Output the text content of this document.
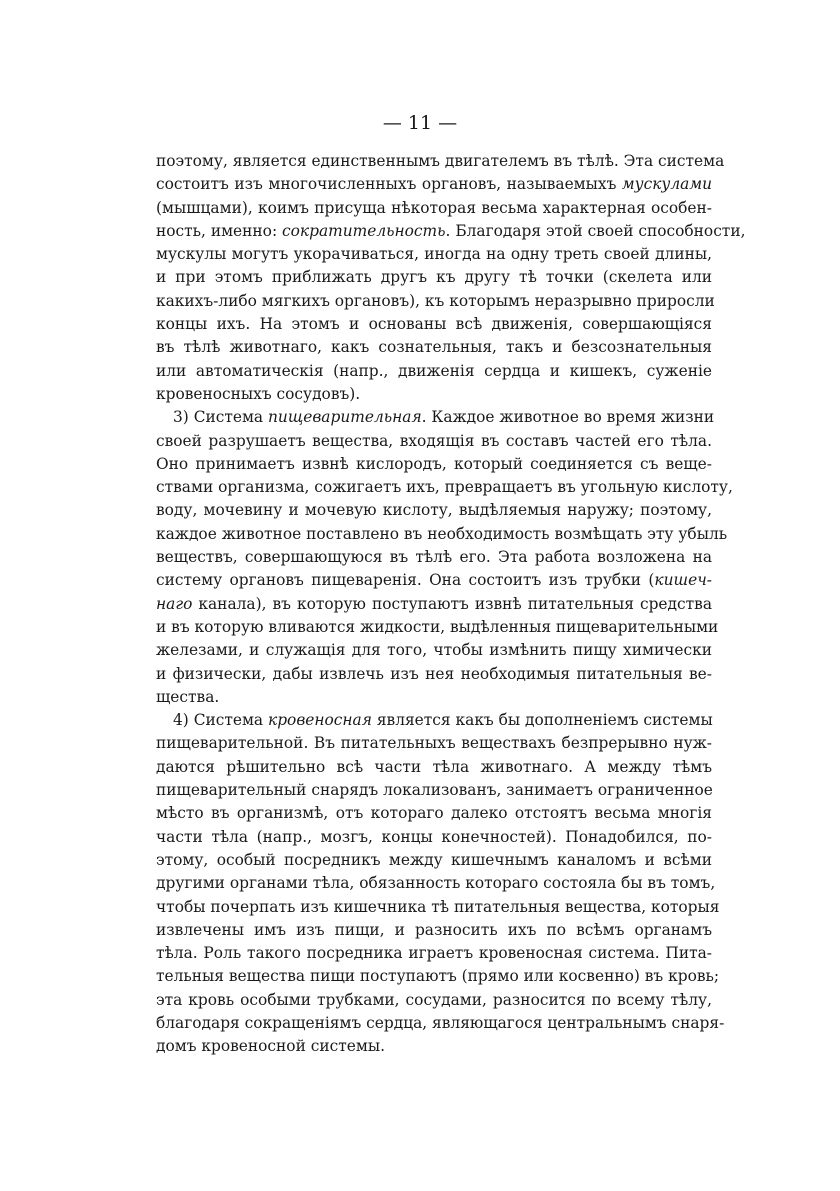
— 11 —
поэтому, является единственнымъ двигателемъ въ тѣлѣ. Эта система
состоитъ изъ многочисленныхъ органовъ, называемыхъ мускулами
(мышцами), коимъ присуща нѣкоторая весьма характерная особен-
ность, именно: сократительность. Благодаря этой своей способности,
мускулы могутъ укорачиваться, иногда на одну треть своей длины,
и при этомъ приближать другъ къ другу тѣ точки (скелета или
какихъ-либо мягкихъ органовъ), къ которымъ неразрывно приросли
концы ихъ. На этомъ и основаны всѣ движенія, совершающіяся
въ тѣлѣ животнаго, какъ сознательныя, такъ и безсознательныя
или автоматическія (напр., движенія сердца и кишекъ, суженіе
кровеносныхъ сосудовъ).
3) Система пищеварительная. Каждое животное во время жизни
своей разрушаетъ вещества, входящія въ составъ частей его тѣла.
Оно принимаетъ извнѣ кислородъ, который соединяется съ веще-
ствами организма, сожигаетъ ихъ, превращаетъ въ угольную кислоту,
воду, мочевину и мочевую кислоту, выдѣляемыя наружу; поэтому,
каждое животное поставлено въ необходимость возмѣщать эту убыль
веществъ, совершающуюся въ тѣлѣ его. Эта работа возложена на
систему органовъ пищеваренія. Она состоитъ изъ трубки (кишеч-
наго канала), въ которую поступаютъ извнѣ питательныя средства
и въ которую вливаются жидкости, выдѣленныя пищеварительными
железами, и служащія для того, чтобы измѣнить пищу химически
и физически, дабы извлечь изъ нея необходимыя питательныя ве-
щества.
4) Система кровеносная является какъ бы дополненіемъ системы
пищеварительной. Въ питательныхъ веществахъ безпрерывно нуж-
даются рѣшительно всѣ части тѣла животнаго. А между тѣмъ
пищеварительный снарядъ локализованъ, занимаетъ ограниченное
мѣсто въ организмѣ, отъ котораго далеко отстоятъ весьма многія
части тѣла (напр., мозгъ, концы конечностей). Понадобился, по-
этому, особый посредникъ между кишечнымъ каналомъ и всѣми
другими органами тѣла, обязанность котораго состояла бы въ томъ,
чтобы почерпать изъ кишечника тѣ питательныя вещества, которыя
извлечены имъ изъ пищи, и разносить ихъ по всѣмъ органамъ
тѣла. Роль такого посредника играетъ кровеносная система. Пита-
тельныя вещества пищи поступаютъ (прямо или косвенно) въ кровь;
эта кровь особыми трубками, сосудами, разносится по всему тѣлу,
благодаря сокращеніямъ сердца, являющагося центральнымъ снаря-
домъ кровеносной системы.
